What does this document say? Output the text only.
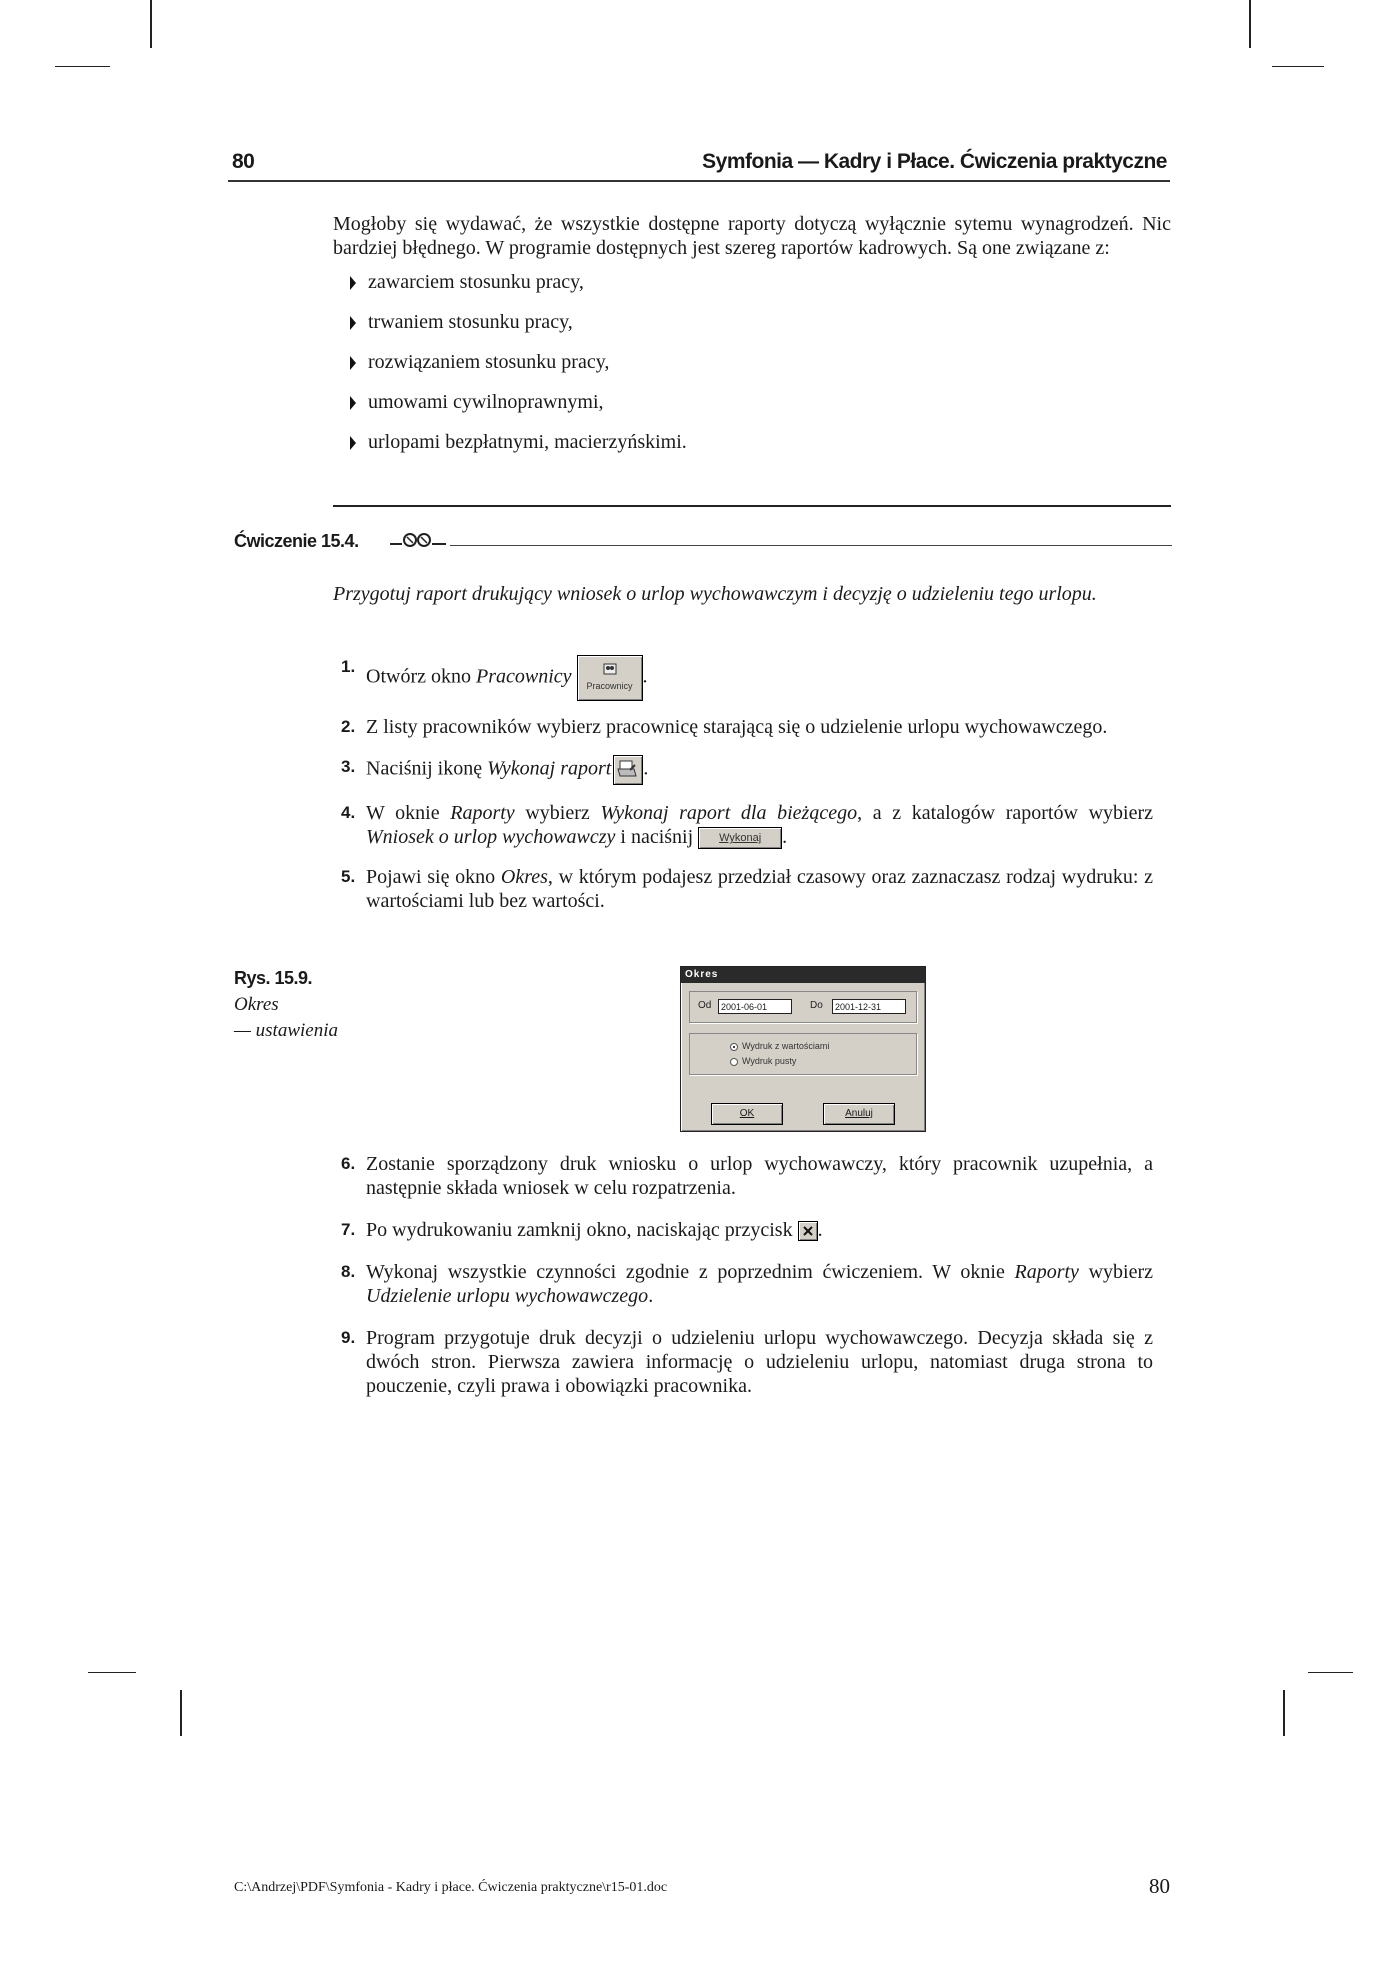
80	Symfonia — Kadry i Płace. Ćwiczenia praktyczne

Mogłoby się wydawać, że wszystkie dostępne raporty dotyczą wyłącznie sytemu wynagrodzeń. Nic bardziej błędnego. W programie dostępnych jest szereg raportów kadrowych. Są one związane z:

zawarciem stosunku pracy,
trwaniem stosunku pracy,
rozwiązaniem stosunku pracy,
umowami cywilnoprawnymi,
urlopami bezpłatnymi, macierzyńskimi.
Ćwiczenie 15.4.
Przygotuj raport drukujący wniosek o urlop wychowawczym i decyzję o udzieleniu tego urlopu.
1. Otwórz okno Pracownicy Pracownicy .
2. Z listy pracowników wybierz pracownicę starającą się o udzielenie urlopu wychowawczego.
3. Naciśnij ikonę Wykonaj raport .
4. W oknie Raporty wybierz Wykonaj raport dla bieżącego, a z katalogów raportów wybierz Wniosek o urlop wychowawczy i naciśnij Wykonaj .
5. Pojawi się okno Okres, w którym podajesz przedział czasowy oraz zaznaczasz rodzaj wydruku: z wartościami lub bez wartości.
Rys. 15.9.
Okres
— ustawienia
Okres
Od	2001-06-01	Do	2001-12-31
Wydruk z wartościami
Wydruk pusty
OK	Anuluj
6. Zostanie sporządzony druk wniosku o urlop wychowawczy, który pracownik uzupełnia, a następnie składa wniosek w celu rozpatrzenia.
7. Po wydrukowaniu zamknij okno, naciskając przycisk .
8. Wykonaj wszystkie czynności zgodnie z poprzednim ćwiczeniem. W oknie Raporty wybierz Udzielenie urlopu wychowawczego.
9. Program przygotuje druk decyzji o udzieleniu urlopu wychowawczego. Decyzja składa się z dwóch stron. Pierwsza zawiera informację o udzieleniu urlopu, natomiast druga strona to pouczenie, czyli prawa i obowiązki pracownika.
C:\Andrzej\PDF\Symfonia - Kadry i płace. Ćwiczenia praktyczne\r15-01.doc	80
